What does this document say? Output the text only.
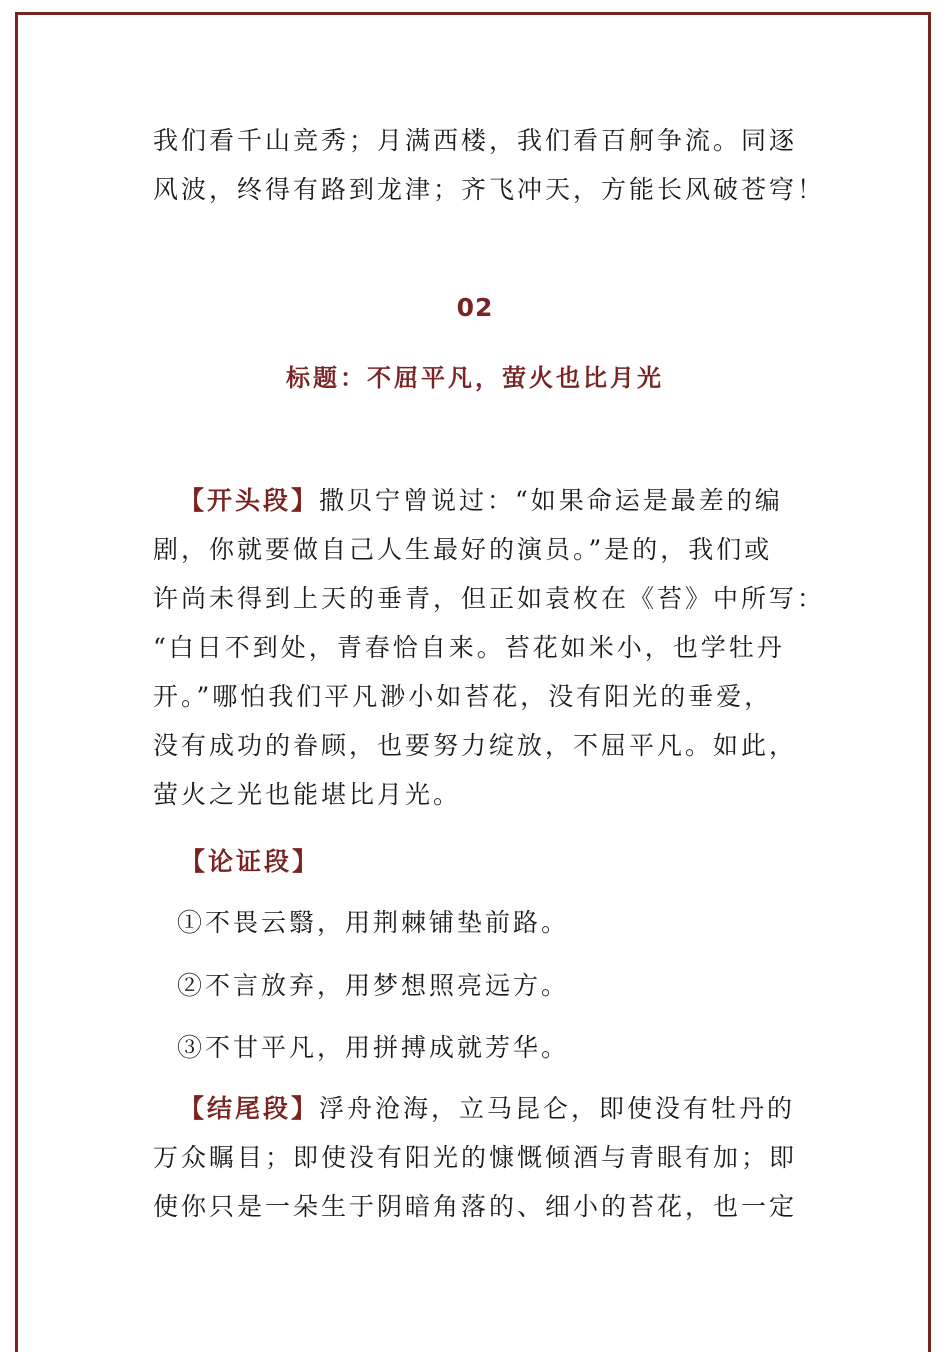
我们看千山竞秀；月满西楼，我们看百舸争流。同逐
风波，终得有路到龙津；齐飞冲天，方能长风破苍穹！
02
标题：不屈平凡，萤火也比月光
【开头段】撒贝宁曾说过：“如果命运是最差的编
剧，你就要做自己人生最好的演员。”是的，我们或
许尚未得到上天的垂青，但正如袁枚在《苔》中所写：
“白日不到处，青春恰自来。苔花如米小，也学牡丹
开。”哪怕我们平凡渺小如苔花，没有阳光的垂爱，
没有成功的眷顾，也要努力绽放，不屈平凡。如此，
萤火之光也能堪比月光。
【论证段】
①不畏云翳，用荆棘铺垫前路。
②不言放弃，用梦想照亮远方。
③不甘平凡，用拼搏成就芳华。
【结尾段】浮舟沧海，立马昆仑，即使没有牡丹的
万众瞩目；即使没有阳光的慷慨倾酒与青眼有加；即
使你只是一朵生于阴暗角落的、细小的苔花，也一定
